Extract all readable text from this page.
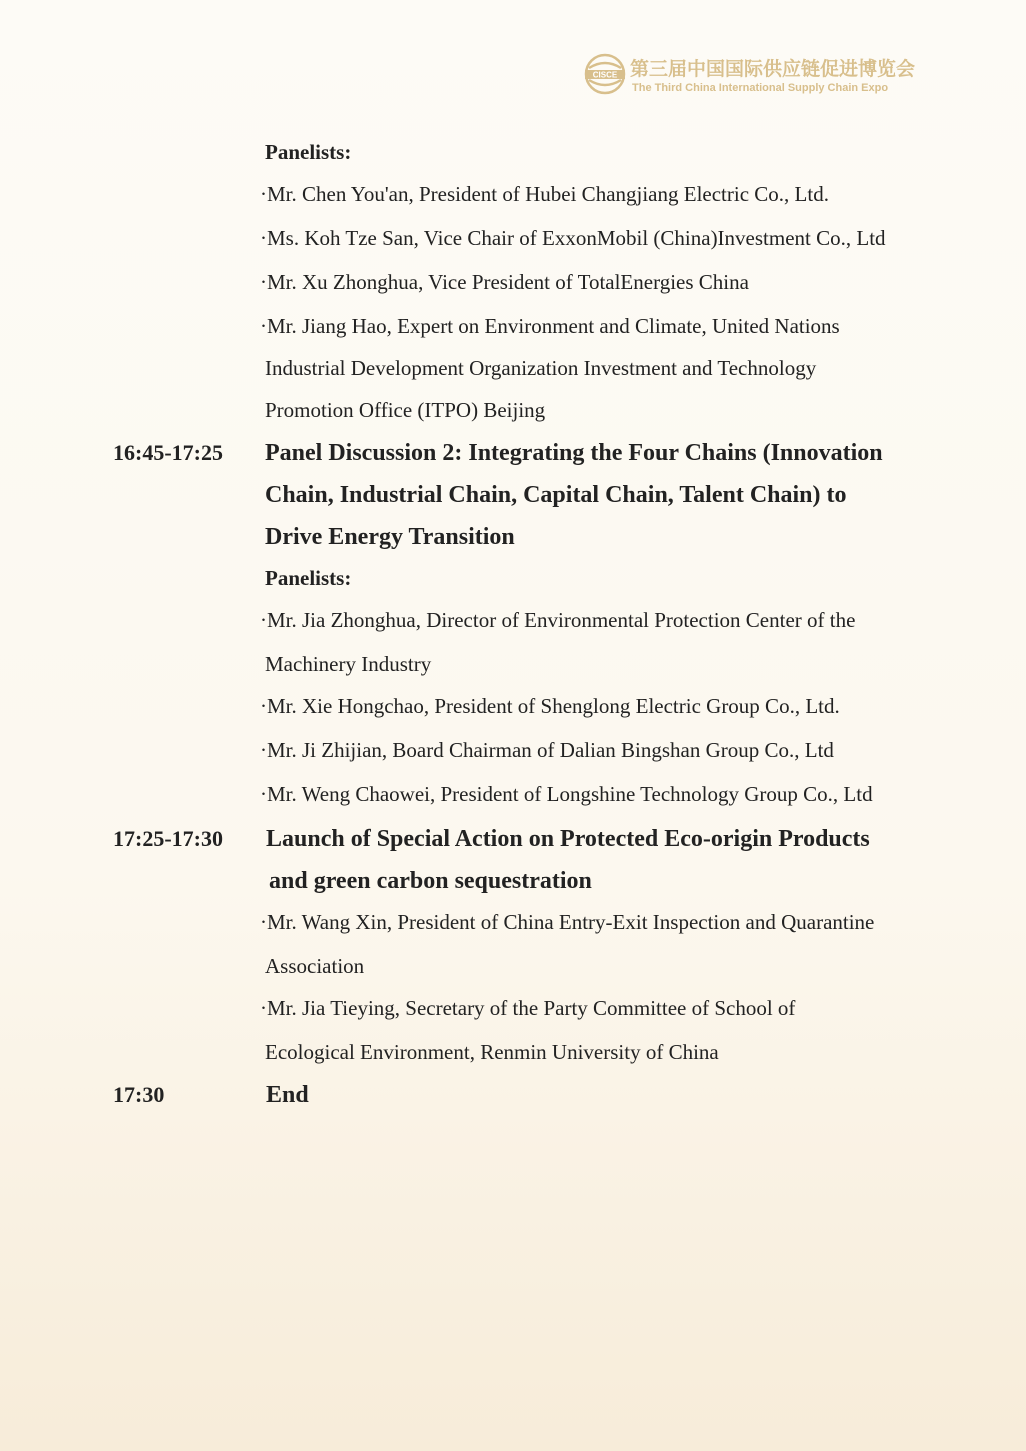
CISCE 第三届中国国际供应链促进博览会
The Third China International Supply Chain Expo
Panelists:
·Mr. Chen You'an, President of Hubei Changjiang Electric Co., Ltd.
·Ms. Koh Tze San, Vice Chair of ExxonMobil (China)Investment Co., Ltd
·Mr. Xu Zhonghua, Vice President of TotalEnergies China
·Mr. Jiang Hao, Expert on Environment and Climate, United Nations
Industrial Development Organization Investment and Technology
Promotion Office (ITPO) Beijing
16:45-17:25 Panel Discussion 2: Integrating the Four Chains (Innovation
Chain, Industrial Chain, Capital Chain, Talent Chain) to
Drive Energy Transition
Panelists:
·Mr. Jia Zhonghua, Director of Environmental Protection Center of the
Machinery Industry
·Mr. Xie Hongchao, President of Shenglong Electric Group Co., Ltd.
·Mr. Ji Zhijian, Board Chairman of Dalian Bingshan Group Co., Ltd
·Mr. Weng Chaowei, President of Longshine Technology Group Co., Ltd
17:25-17:30 Launch of Special Action on Protected Eco-origin Products
and green carbon sequestration
·Mr. Wang Xin, President of China Entry-Exit Inspection and Quarantine
Association
·Mr. Jia Tieying, Secretary of the Party Committee of School of
Ecological Environment, Renmin University of China
17:30	End
